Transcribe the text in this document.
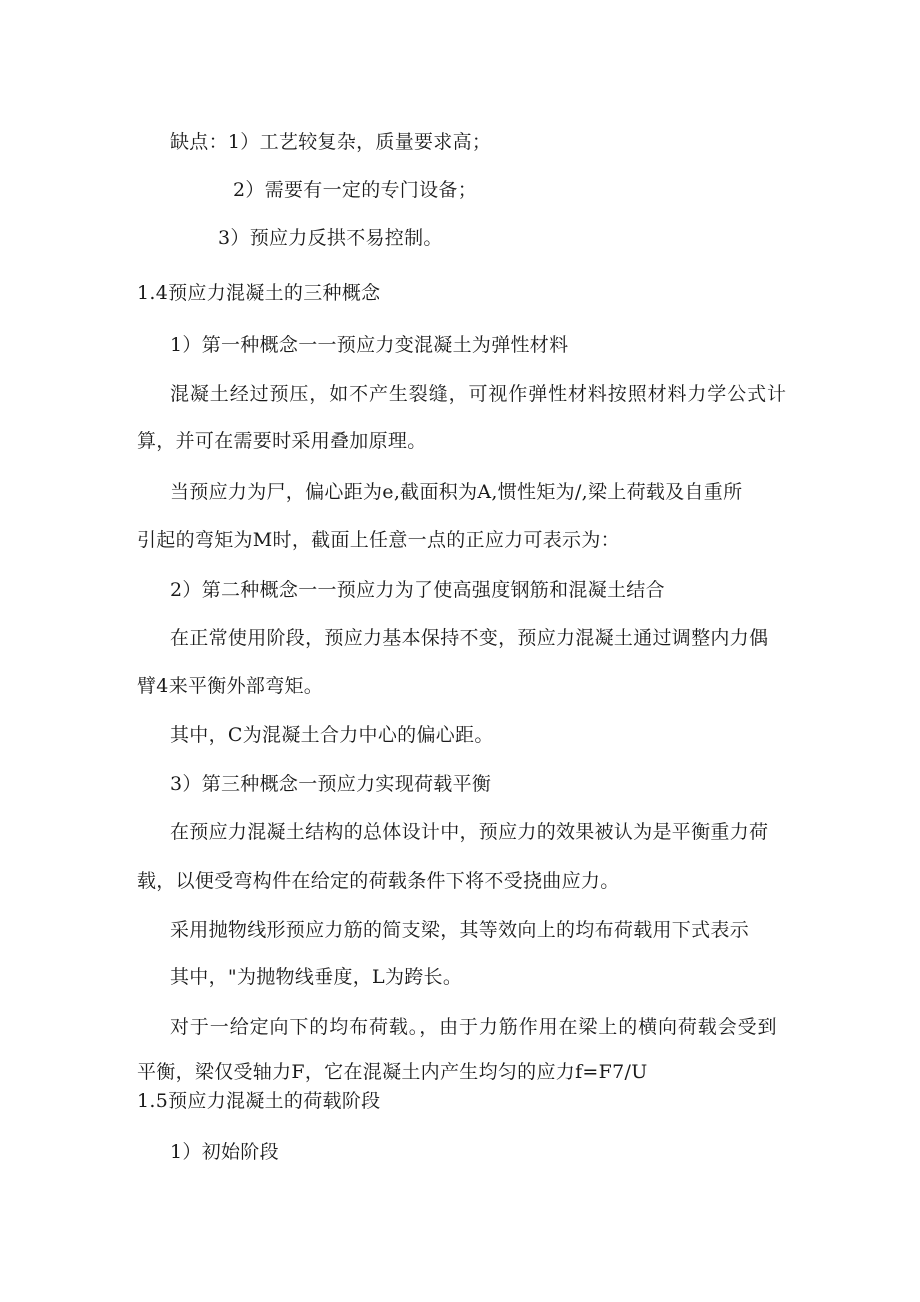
缺点：1）工艺较复杂，质量要求高；
2）需要有一定的专门设备；
3）预应力反拱不易控制。
1.4预应力混凝土的三种概念
1）第一种概念一一预应力变混凝土为弹性材料
混凝土经过预压，如不产生裂缝，可视作弹性材料按照材料力学公式计
算，并可在需要时采用叠加原理。
当预应力为尸，偏心距为e,截面积为A,惯性矩为/,梁上荷载及自重所
引起的弯矩为M时，截面上任意一点的正应力可表示为：
2）第二种概念一一预应力为了使高强度钢筋和混凝土结合
在正常使用阶段，预应力基本保持不变，预应力混凝土通过调整内力偶
臂4来平衡外部弯矩。
其中，C为混凝土合力中心的偏心距。
3）第三种概念一预应力实现荷载平衡
在预应力混凝土结构的总体设计中，预应力的效果被认为是平衡重力荷
载，以便受弯构件在给定的荷载条件下将不受挠曲应力。
采用抛物线形预应力筋的简支梁，其等效向上的均布荷载用下式表示
其中，"为抛物线垂度，L为跨长。
对于一给定向下的均布荷载。，由于力筋作用在梁上的横向荷载会受到
平衡，梁仅受轴力F，它在混凝土内产生均匀的应力f=F7/U
1.5预应力混凝土的荷载阶段
1）初始阶段
